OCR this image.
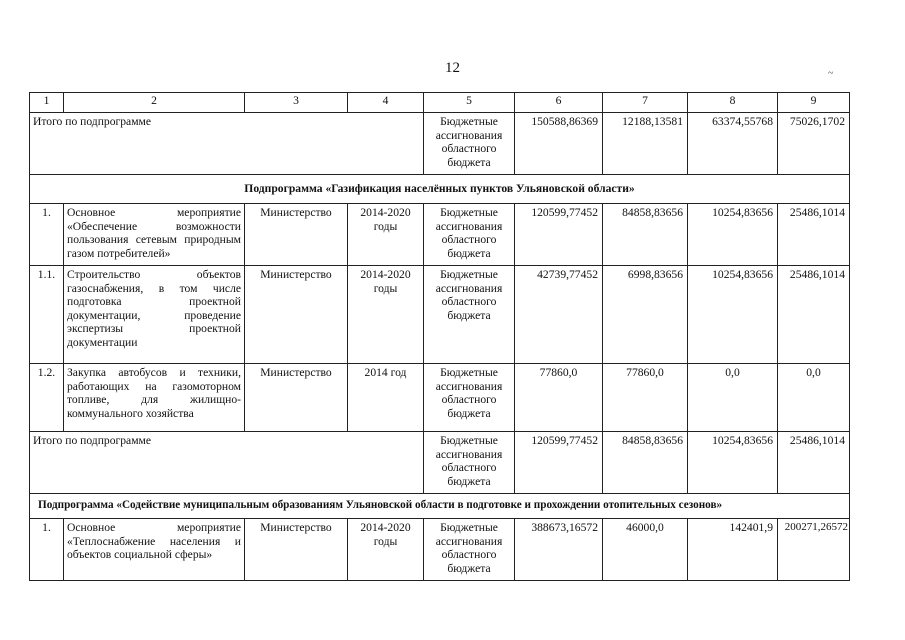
12	~
1	2	3	4	5	6	7	8	9
Итого по подпрограмме				Бюджетные ассигнования областного бюджета	150588,86369	12188,13581	63374,55768	75026,1702
Подпрограмма «Газификация населённых пунктов Ульяновской области»								
1.	Основное мероприятие «Обеспечение возможности пользования сетевым природным газом потребителей»	Министерство	2014-2020 годы	Бюджетные ассигнования областного бюджета	120599,77452	84858,83656	10254,83656	25486,1014
1.1.	Строительство объектов газоснабжения, в том числе подготовка проектной документации, проведение экспертизы проектной документации	Министерство	2014-2020 годы	Бюджетные ассигнования областного бюджета	42739,77452	6998,83656	10254,83656	25486,1014
1.2.	Закупка автобусов и техники, работающих на газомоторном топливе, для жилищно-коммунального хозяйства	Министерство	2014 год	Бюджетные ассигнования областного бюджета	77860,0	77860,0	0,0	0,0
Итого по подпрограмме				Бюджетные ассигнования областного бюджета	120599,77452	84858,83656	10254,83656	25486,1014
Подпрограмма «Содействие муниципальным образованиям Ульяновской области в подготовке и прохождении отопительных сезонов»								
1.	Основное мероприятие «Теплоснабжение населения и объектов социальной сферы»	Министерство	2014-2020 годы	Бюджетные ассигнования областного бюджета	388673,16572	46000,0	142401,9	200271,26572
